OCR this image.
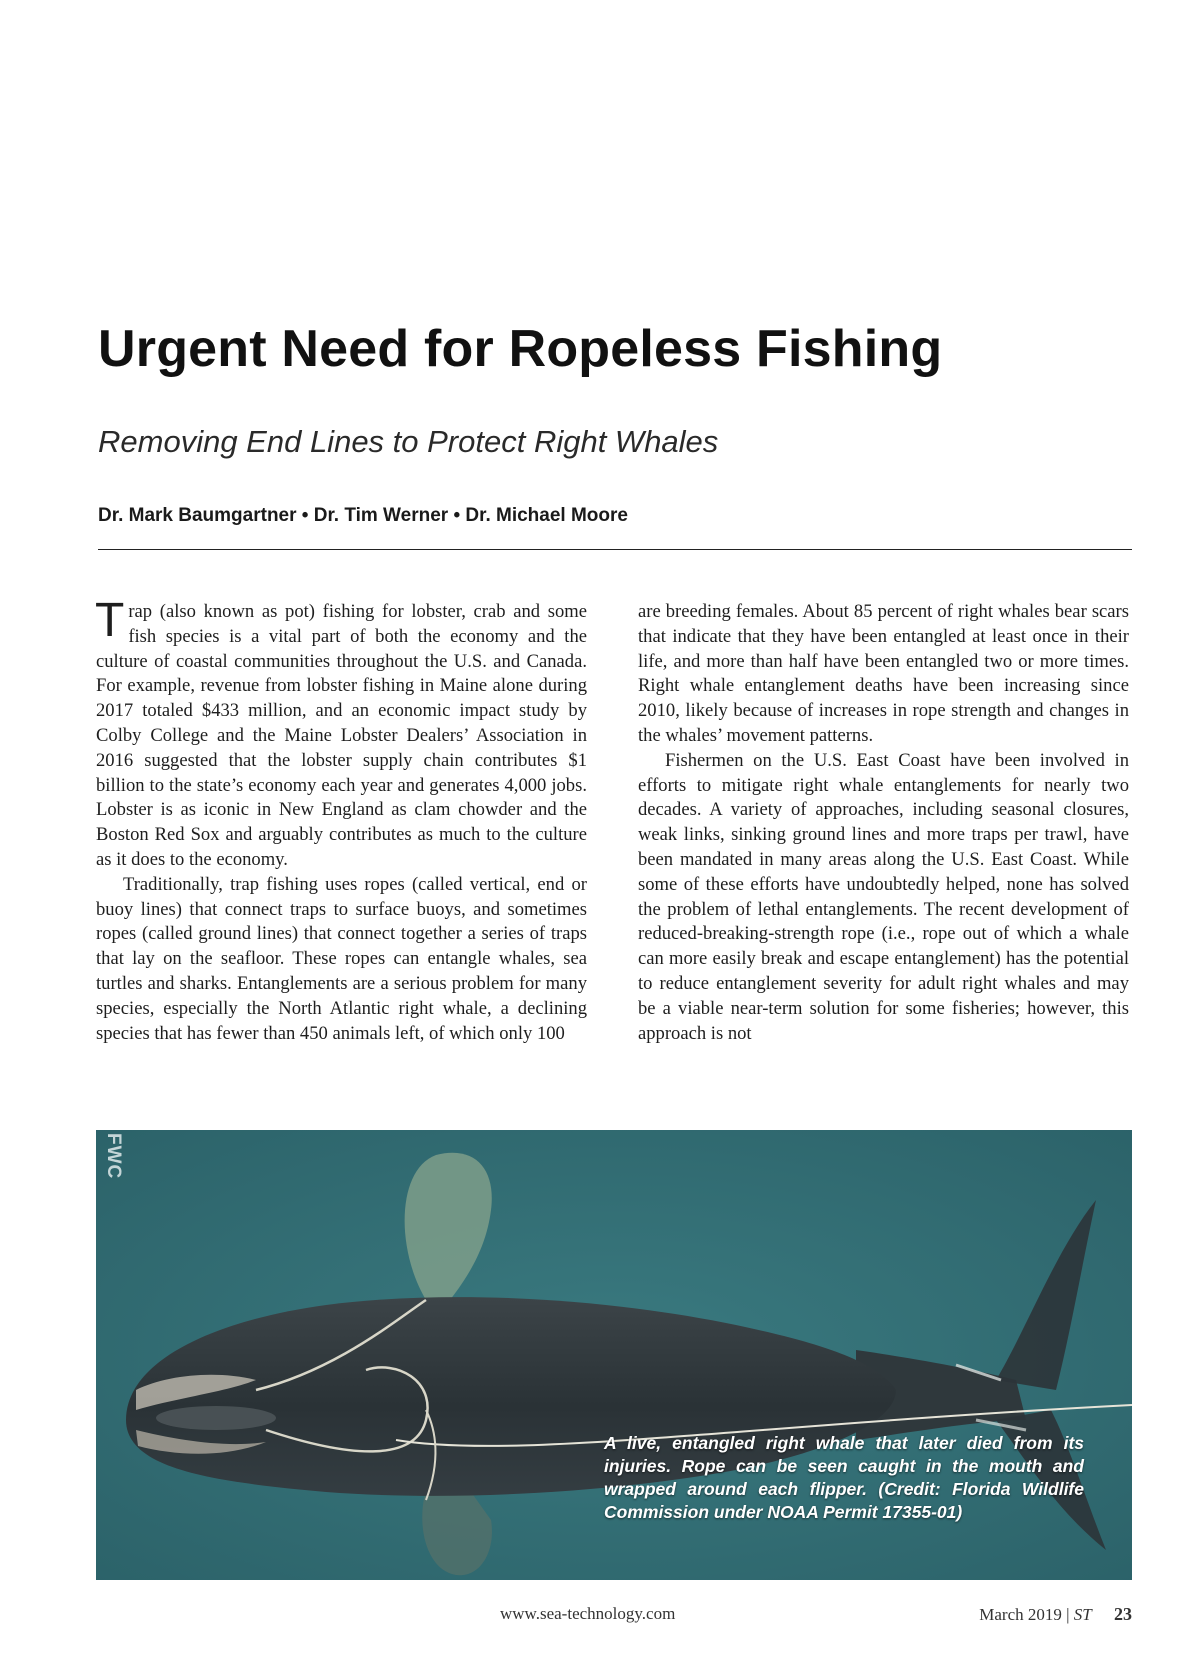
Urgent Need for Ropeless Fishing
Removing End Lines to Protect Right Whales
Dr. Mark Baumgartner • Dr. Tim Werner • Dr. Michael Moore

Trap (also known as pot) fishing for lobster, crab and some fish species is a vital part of both the economy and the culture of coastal communities throughout the U.S. and Canada. For example, revenue from lobster fishing in Maine alone during 2017 totaled $433 million, and an economic impact study by Colby College and the Maine Lobster Dealers’ Association in 2016 suggested that the lobster supply chain contributes $1 billion to the state’s economy each year and generates 4,000 jobs. Lobster is as iconic in New England as clam chowder and the Boston Red Sox and arguably contributes as much to the culture as it does to the economy.

Traditionally, trap fishing uses ropes (called vertical, end or buoy lines) that connect traps to surface buoys, and sometimes ropes (called ground lines) that connect together a series of traps that lay on the seafloor. These ropes can entangle whales, sea turtles and sharks. Entanglements are a serious problem for many species, especially the North Atlantic right whale, a declining species that has fewer than 450 animals left, of which only 100

are breeding females. About 85 percent of right whales bear scars that indicate that they have been entangled at least once in their life, and more than half have been entangled two or more times. Right whale entanglement deaths have been increasing since 2010, likely because of increases in rope strength and changes in the whales’ movement patterns.

Fishermen on the U.S. East Coast have been involved in efforts to mitigate right whale entanglements for nearly two decades. A variety of approaches, including seasonal closures, weak links, sinking ground lines and more traps per trawl, have been mandated in many areas along the U.S. East Coast. While some of these efforts have undoubtedly helped, none has solved the problem of lethal entanglements. The recent development of reduced-breaking-strength rope (i.e., rope out of which a whale can more easily break and escape entanglement) has the potential to reduce entanglement severity for adult right whales and may be a viable near-term solution for some fisheries; however, this approach is not

FWC
A live, entangled right whale that later died from its injuries. Rope can be seen caught in the mouth and wrapped around each flipper. (Credit: Florida Wildlife Commission under NOAA Permit 17355-01)
www.sea-technology.com	March 2019 | ST 23
